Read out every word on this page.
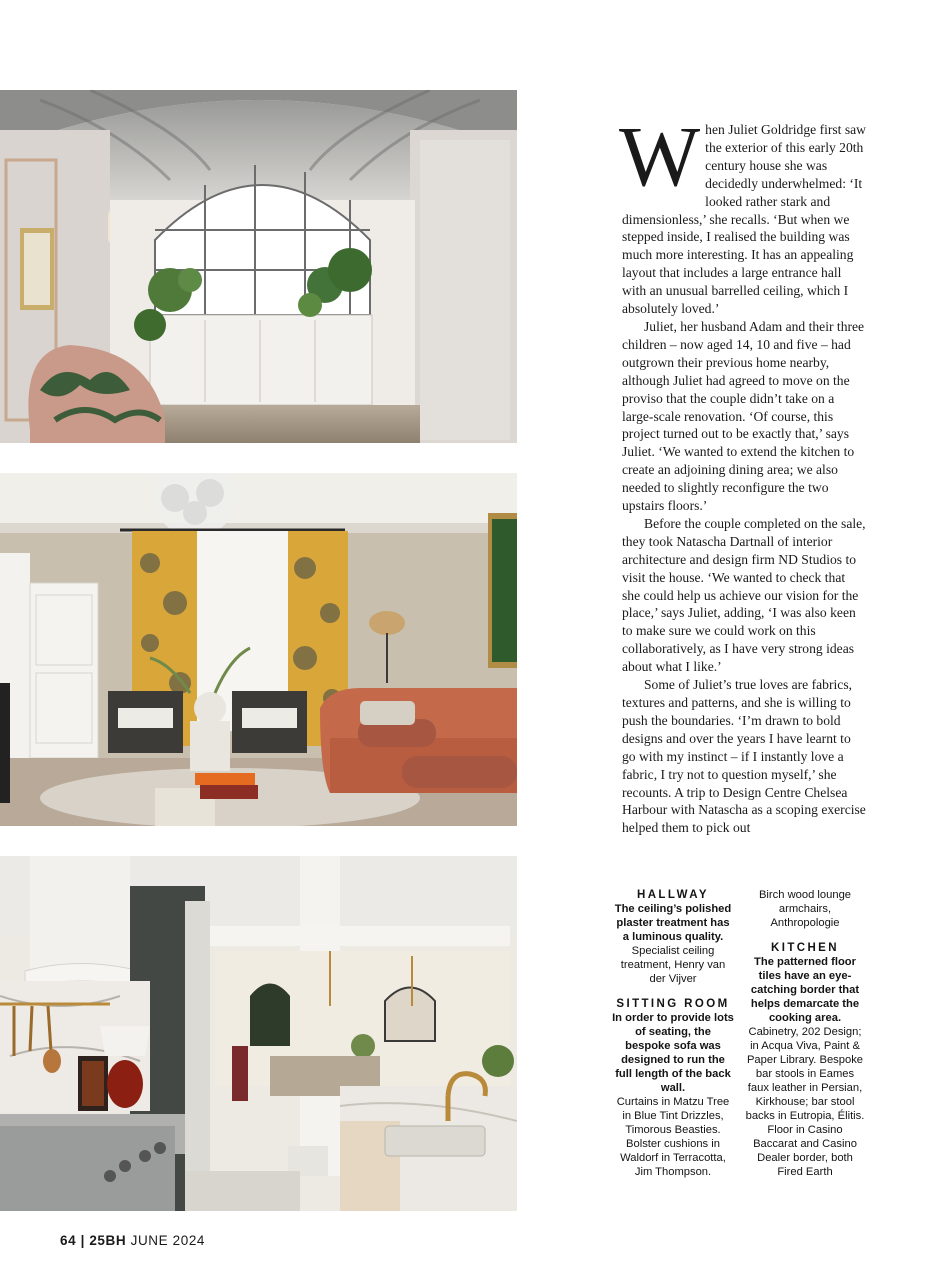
When Juliet Goldridge first saw the exterior of this early 20th century house she was decidedly underwhelmed: ‘It looked rather stark and dimensionless,’ she recalls. ‘But when we stepped inside, I realised the building was much more interesting. It has an appealing layout that includes a large entrance hall with an unusual barrelled ceiling, which I absolutely loved.’

Juliet, her husband Adam and their three children – now aged 14, 10 and five – had outgrown their previous home nearby, although Juliet had agreed to move on the proviso that the couple didn’t take on a large-scale renovation. ‘Of course, this project turned out to be exactly that,’ says Juliet. ‘We wanted to extend the kitchen to create an adjoining dining area; we also needed to slightly reconfigure the two upstairs floors.’

Before the couple completed on the sale, they took Natascha Dartnall of interior architecture and design firm ND Studios to visit the house. ‘We wanted to check that she could help us achieve our vision for the place,’ says Juliet, adding, ‘I was also keen to make sure we could work on this collaboratively, as I have very strong ideas about what I like.’

Some of Juliet’s true loves are fabrics, textures and patterns, and she is willing to push the boundaries. ‘I’m drawn to bold designs and over the years I have learnt to go with my instinct – if I instantly love a fabric, I try not to question myself,’ she recounts. A trip to Design Centre Chelsea Harbour with Natascha as a scoping exercise helped them to pick out

HALLWAY
The ceiling’s polished plaster treatment has a luminous quality.
Specialist ceiling treatment, Henry van der Vijver
SITTING ROOM
In order to provide lots of seating, the bespoke sofa was designed to run the full length of the back wall.
Curtains in Matzu Tree in Blue Tint Drizzles, Timorous Beasties. Bolster cushions in Waldorf in Terracotta, Jim Thompson.
Birch wood lounge armchairs, Anthropologie
KITCHEN
The patterned floor tiles have an eye-catching border that helps demarcate the cooking area.
Cabinetry, 202 Design; in Acqua Viva, Paint & Paper Library. Bespoke bar stools in Eames faux leather in Persian, Kirkhouse; bar stool backs in Eutropia, Élitis. Floor in Casino Baccarat and Casino Dealer border, both Fired Earth
64 | 25BH JUNE 2024
